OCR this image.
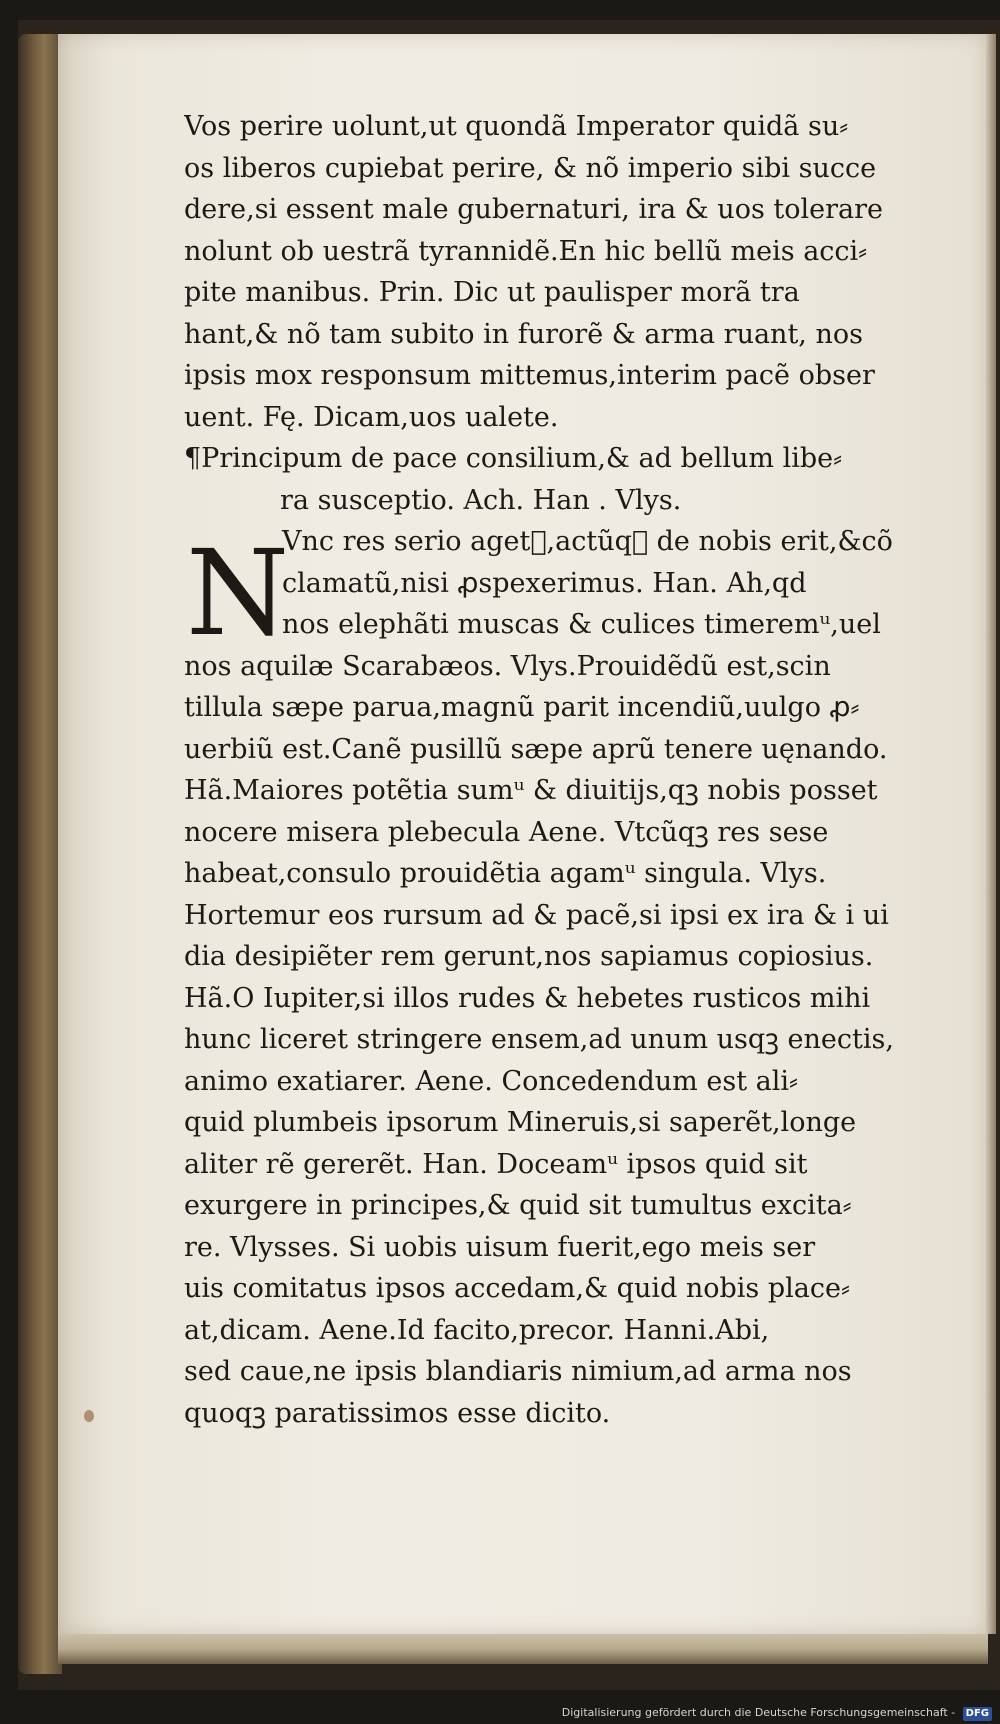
N
Vos perire uolunt,ut quondã Imperator quidã su⸗
os liberos cupiebat perire, & nõ imperio sibi succe
dere,si essent male gubernaturi, ira & uos tolerare
nolunt ob uestrã tyrannidẽ.En hic bellũ meis acci⸗
pite manibus. Prin. Dic ut paulisper morã tra
hant,& nõ tam subito in furorẽ & arma ruant, nos
ipsis mox responsum mittemus,interim pacẽ obser
uent. Fę. Dicam,uos ualete.
¶Principum de pace consilium,& ad bellum libe⸗
ra susceptio. Ach. Han . Vlys.
Vnc res serio agetᷣ,actũqꝫ de nobis erit,&cõ
clamatũ,nisi ꝓspexerimus. Han. Ah,qd
nos elephãti muscas & culices timeremᵘ,uel
nos aquilæ Scarabæos. Vlys.Prouidẽdũ est,scin
tillula sæpe parua,magnũ parit incendiũ,uulgo ꝓ⸗
uerbiũ est.Canẽ pusillũ sæpe aprũ tenere uęnando.
Hã.Maiores potẽtia sumᵘ & diuitijs,qꝫ nobis posset
nocere misera plebecula Aene. Vtcũqꝫ res sese
habeat,consulo prouidẽtia agamᵘ singula. Vlys.
Hortemur eos rursum ad & pacẽ,si ipsi ex ira & i ui
dia desipiẽter rem gerunt,nos sapiamus copiosius.
Hã.O Iupiter,si illos rudes & hebetes rusticos mihi
hunc liceret stringere ensem,ad unum usqꝫ enectis,
animo exatiarer. Aene. Concedendum est ali⸗
quid plumbeis ipsorum Mineruis,si saperẽt,longe
aliter rẽ gererẽt. Han. Doceamᵘ ipsos quid sit
exurgere in principes,& quid sit tumultus excita⸗
re. Vlysses. Si uobis uisum fuerit,ego meis ser
uis comitatus ipsos accedam,& quid nobis place⸗
at,dicam. Aene.Id facito,precor. Hanni.Abi,
sed caue,ne ipsis blandiaris nimium,ad arma nos
quoqꝫ paratissimos esse dicito.
Digitalisierung gefördert durch die Deutsche Forschungsgemeinschaft - DFG
